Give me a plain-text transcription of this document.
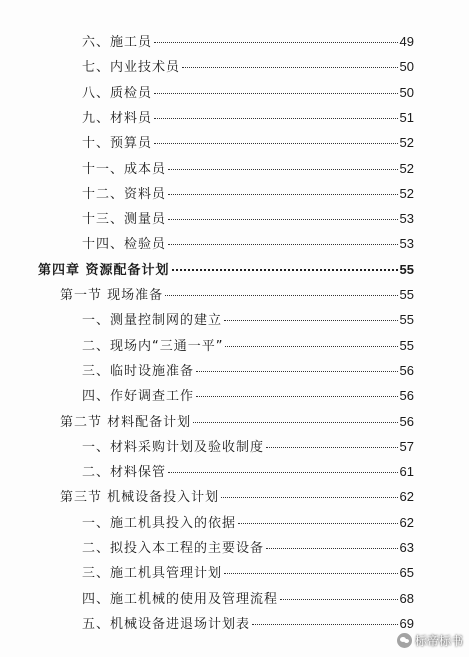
六、施工员	49
七、内业技术员	50
八、质检员	50
九、材料员	51
十、预算员	52
十一、成本员	52
十二、资料员	52
十三、测量员	53
十四、检验员	53
第四章 资源配备计划	55
第一节 现场准备	55
一、测量控制网的建立	55
二、现场内“三通一平”	55
三、临时设施准备	56
四、作好调查工作	56
第二节 材料配备计划	56
一、材料采购计划及验收制度	57
二、材料保管	61
第三节 机械设备投入计划	62
一、施工机具投入的依据	62
二、拟投入本工程的主要设备	63
三、施工机具管理计划	65
四、施工机械的使用及管理流程	68
五、机械设备进退场计划表	69
标帝标书
